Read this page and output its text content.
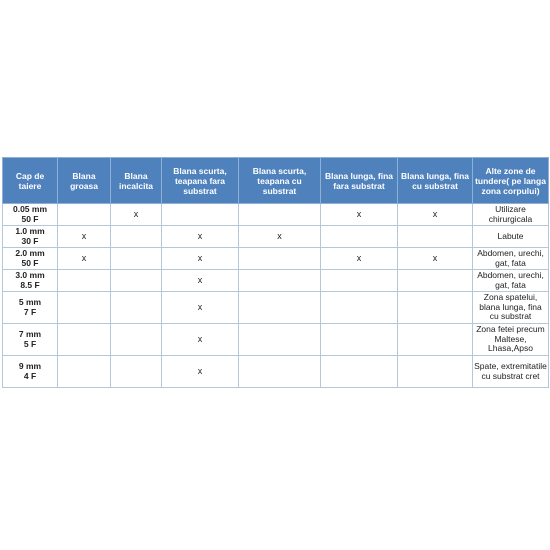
Cap de taiere	Blana groasa	Blana incalcita	Blana scurta, teapana fara substrat	Blana scurta, teapana cu substrat	Blana lunga, fina fara substrat	Blana lunga, fina cu substrat	Alte zone de tundere( pe langa zona corpului)

0.05 mm
50 F		x			x	x	Utilizare chirurgicala

1.0 mm
30 F	x		x	x			Labute

2.0 mm
50 F	x		x		x	x	Abdomen, urechi, gat, fata

3.0 mm
8.5 F			x				Abdomen, urechi, gat, fata

5 mm
7 F			x				Zona spatelui, blana lunga, fina cu substrat

7 mm
5 F			x				Zona fetei precum Maltese, Lhasa,Apso

9 mm
4 F			x				Spate, extremitatile cu substrat cret
